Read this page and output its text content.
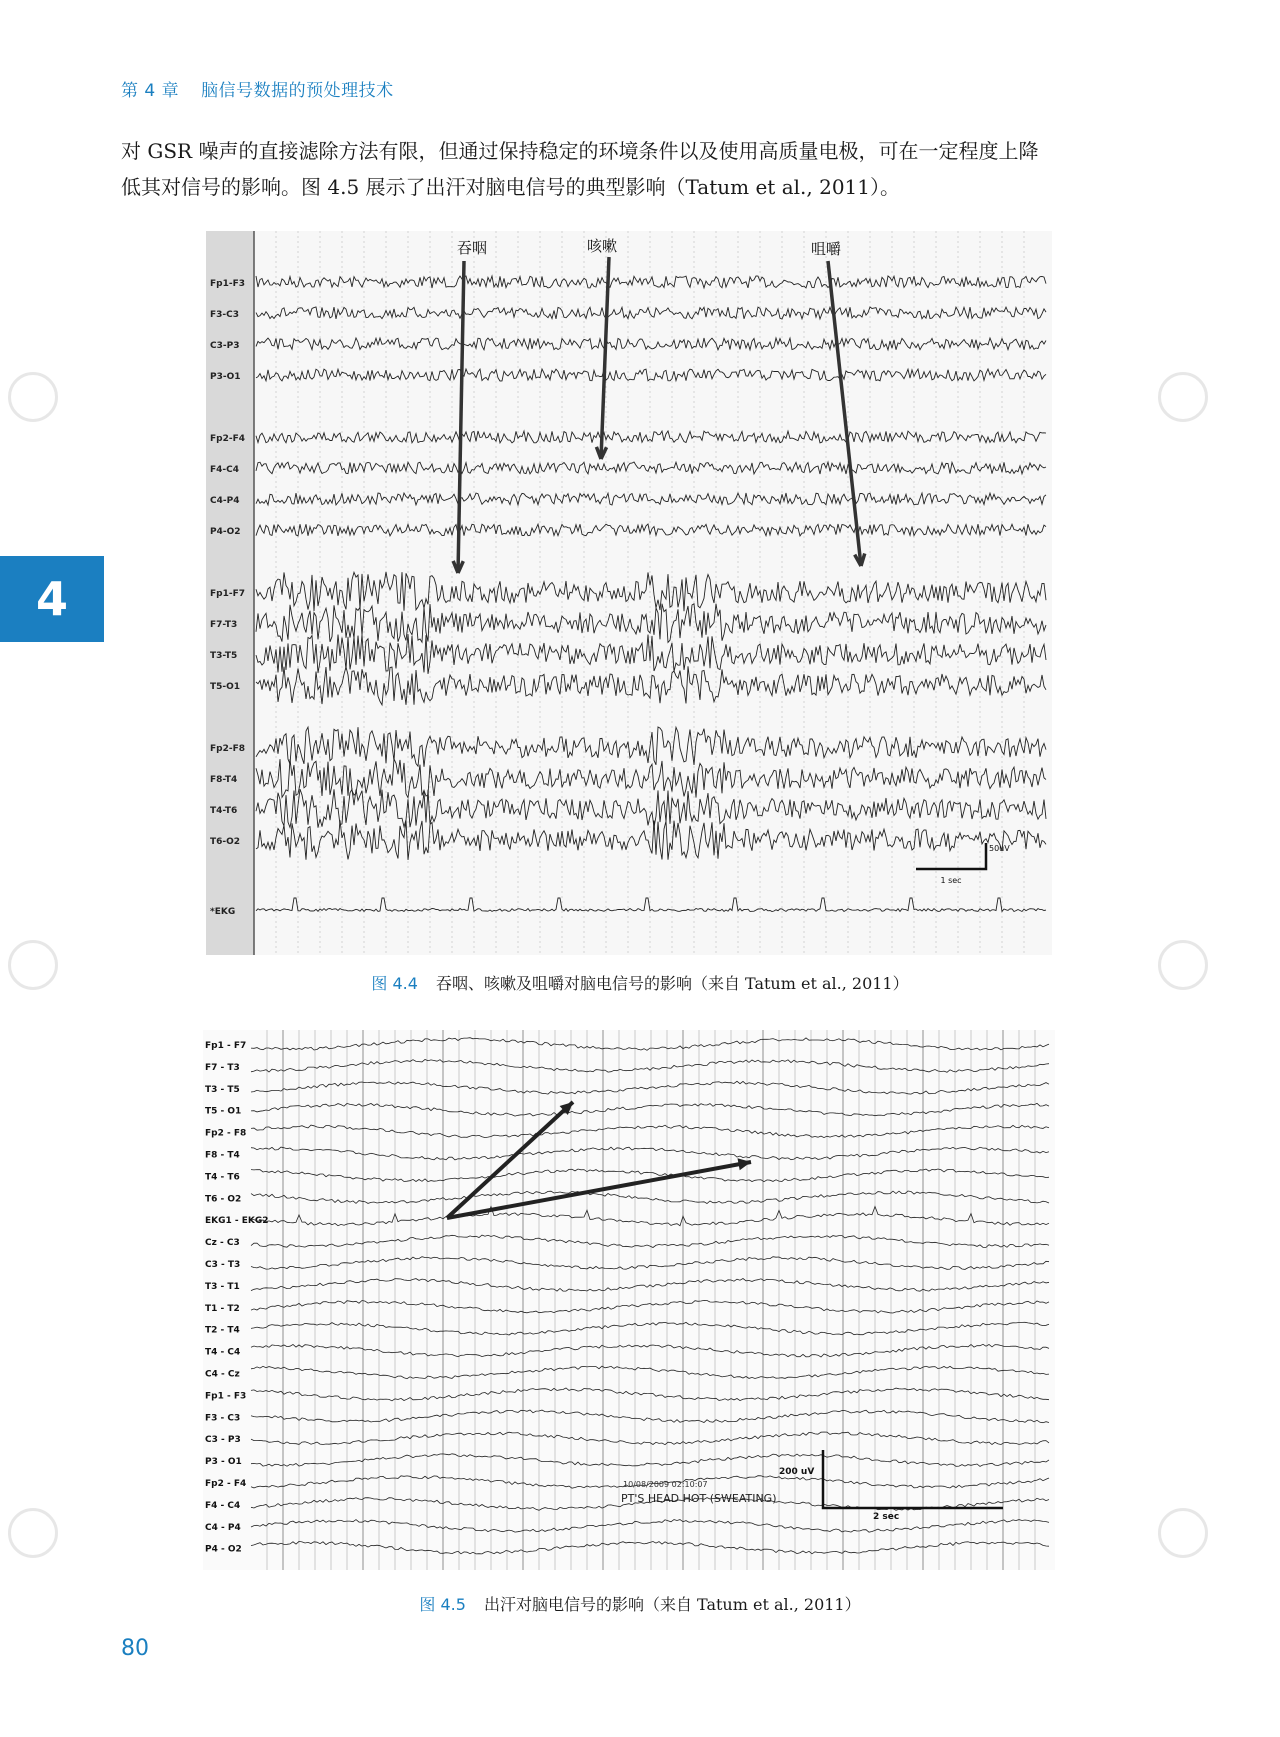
第 4 章 脑信号数据的预处理技术

对 GSR 噪声的直接滤除方法有限，但通过保持稳定的环境条件以及使用高质量电极，可在一定程度上降

低其对信号的影响。图 4.5 展示了出汗对脑电信号的典型影响（Tatum et al., 2011）。

4
Fp1-F3
F3-C3
C3-P3
P3-O1
Fp2-F4
F4-C4
C4-P4
P4-O2
Fp1-F7
F7-T3
T3-T5
T5-O1
Fp2-F8
F8-T4
T4-T6
T6-O2
*EKG
吞咽	咳嗽	咀嚼
1 sec
50uV
图 4.4 吞咽、咳嗽及咀嚼对脑电信号的影响（来自 Tatum et al., 2011）
Fp1 - F7
F7 - T3
T3 - T5
T5 - O1
Fp2 - F8
F8 - T4
T4 - T6
T6 - O2
EKG1 - EKG2
Cz - C3
C3 - T3
T3 - T1
T1 - T2
T2 - T4
T4 - C4
C4 - Cz
Fp1 - F3
F3 - C3
C3 - P3
P3 - O1
Fp2 - F4
F4 - C4
C4 - P4
P4 - O2
200 uV
2 sec
10/08/2009 02:10:07
PT'S HEAD HOT (SWEATING)
图 4.5 出汗对脑电信号的影响（来自 Tatum et al., 2011）
80
